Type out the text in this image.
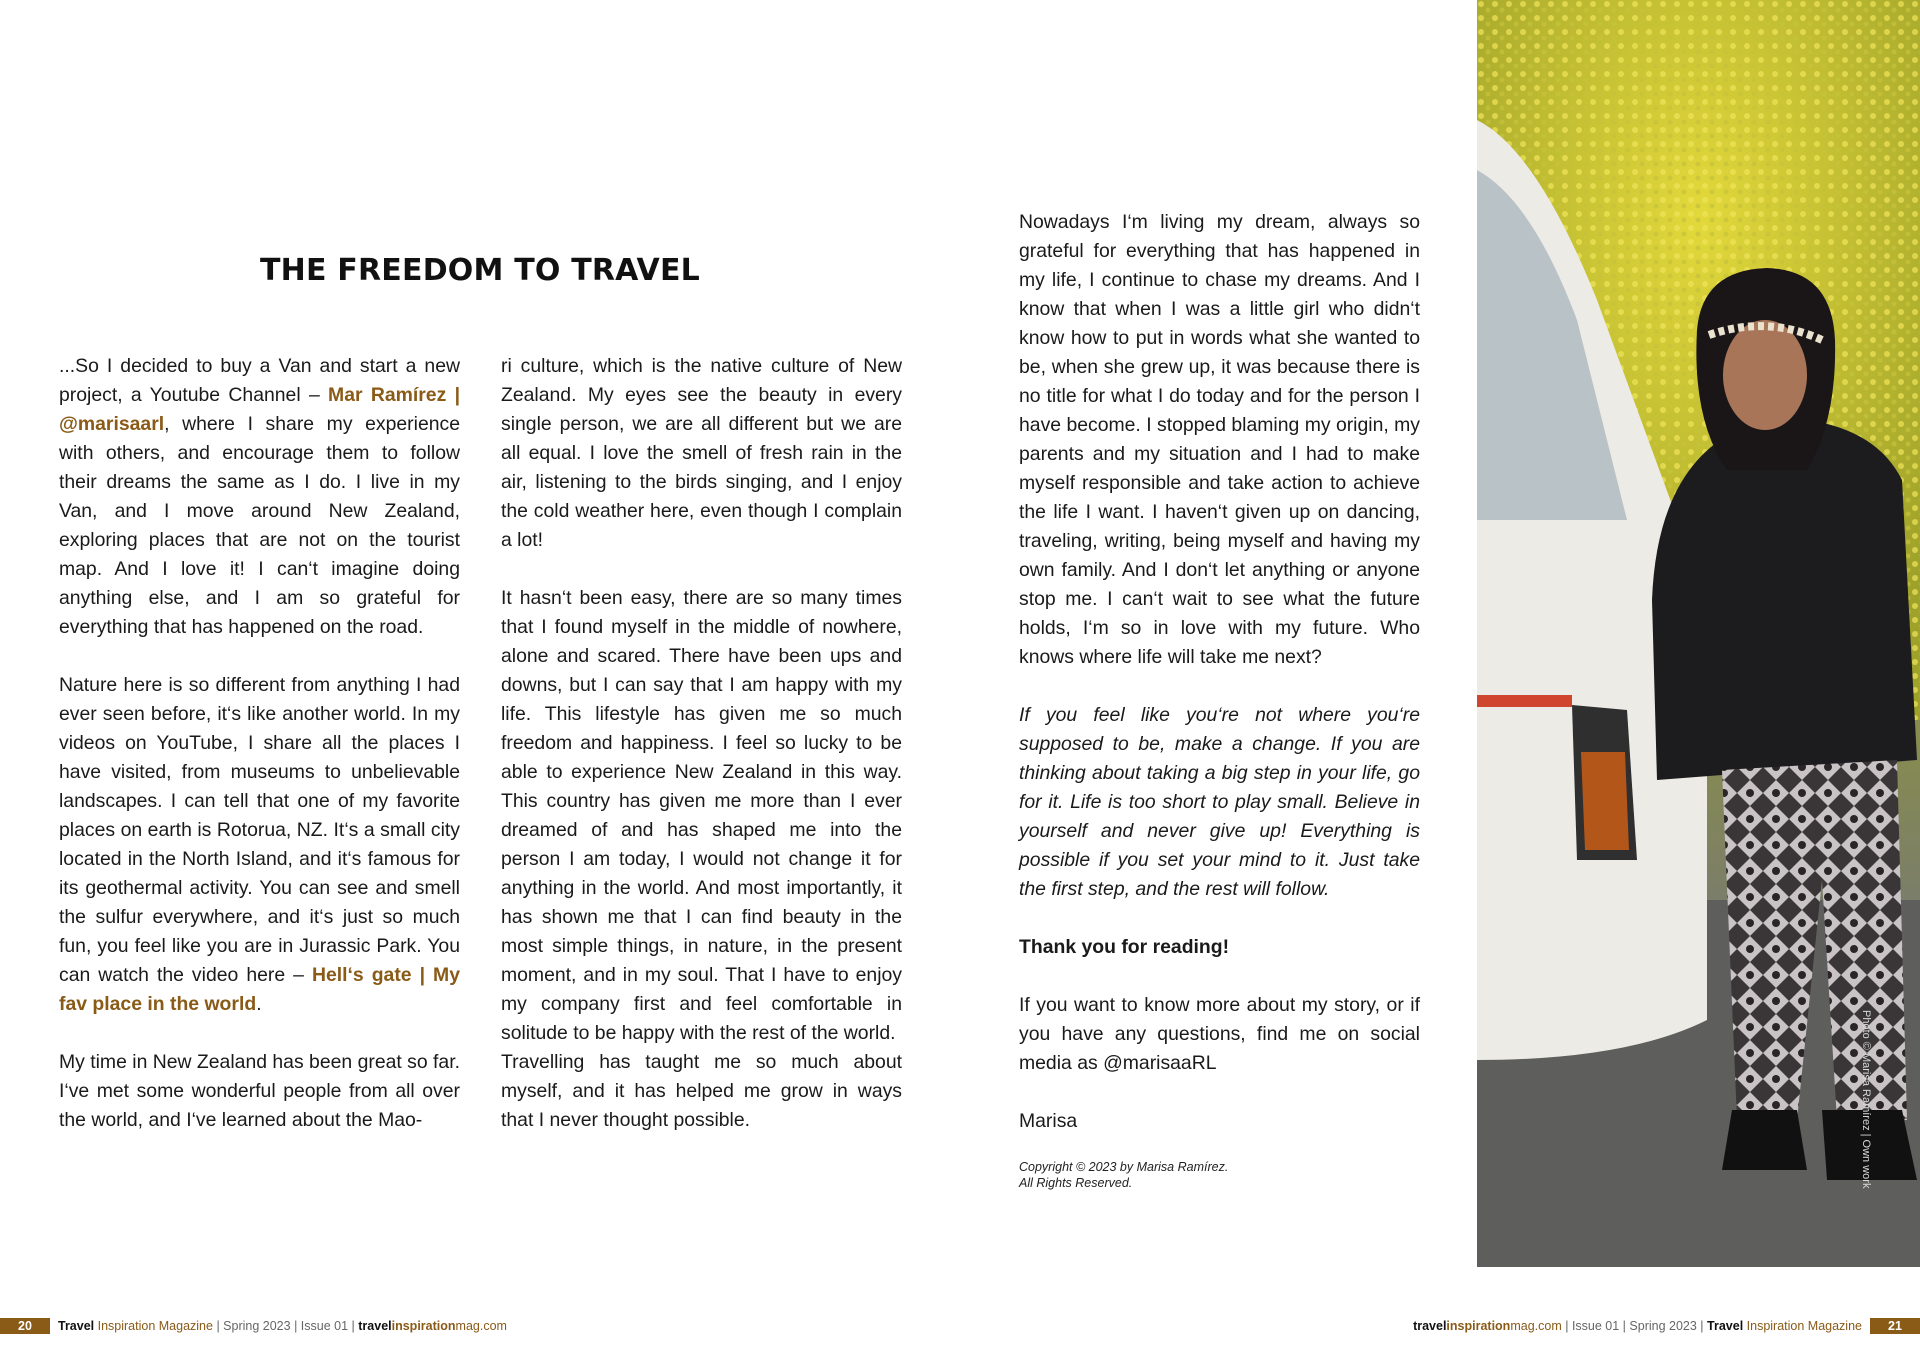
THE FREEDOM TO TRAVEL

...So I decided to buy a Van and start a new project, a Youtube Channel – Mar Ramírez | @marisaarl, where I share my experience with others, and encourage them to follow their dreams the same as I do. I live in my Van, and I move around New Zealand, exploring places that are not on the tourist map. And I love it! I can‘t imagine doing anything else, and I am so grateful for everything that has happened on the road.

Nature here is so different from anything I had ever seen before, it‘s like another world. In my videos on YouTube, I share all the places I have visited, from museums to unbelievable landscapes. I can tell that one of my favorite places on earth is Rotorua, NZ. It‘s a small city located in the North Island, and it‘s famous for its geothermal activity. You can see and smell the sulfur everywhere, and it‘s just so much fun, you feel like you are in Jurassic Park. You can watch the video here – Hell‘s gate | My fav place in the world.

My time in New Zealand has been great so far. I‘ve met some wonderful people from all over the world, and I‘ve learned about the Mao-

ri culture, which is the native culture of New Zealand. My eyes see the beauty in every single person, we are all different but we are all equal. I love the smell of fresh rain in the air, listening to the birds singing, and I enjoy the cold weather here, even though I complain a lot!

It hasn‘t been easy, there are so many times that I found myself in the middle of nowhere, alone and scared. There have been ups and downs, but I can say that I am happy with my life. This lifestyle has given me so much freedom and happiness. I feel so lucky to be able to experience New Zealand in this way. This country has given me more than I ever dreamed of and has shaped me into the person I am today, I would not change it for anything in the world. And most importantly, it has shown me that I can find beauty in the most simple things, in nature, in the present moment, and in my soul. That I have to enjoy my company first and feel comfortable in solitude to be happy with the rest of the world.

Travelling has taught me so much about myself, and it has helped me grow in ways that I never thought possible.

Nowadays I‘m living my dream, always so grateful for everything that has happened in my life, I continue to chase my dreams. And I know that when I was a little girl who didn‘t know how to put in words what she wanted to be, when she grew up, it was because there is no title for what I do today and for the person I have become. I stopped blaming my origin, my parents and my situation and I had to make myself responsible and take action to achieve the life I want. I haven‘t given up on dancing, traveling, writing, being myself and having my own family. And I don‘t let anything or anyone stop me. I can‘t wait to see what the future holds, I‘m so in love with my future. Who knows where life will take me next?

If you feel like you‘re not where you‘re supposed to be, make a change. If you are thinking about taking a big step in your life, go for it. Life is too short to play small. Believe in yourself and never give up! Everything is possible if you set your mind to it. Just take the first step, and the rest will follow.

Thank you for reading!

If you want to know more about my story, or if you have any questions, find me on social media as @marisaaRL

Marisa

Copyright © 2023 by Marisa Ramírez.
All Rights Reserved.	Photo © Marisa Ramírez | Own work
20 Travel Inspiration Magazine | Spring 2023 | Issue 01 | travelinspirationmag.com	travelinspirationmag.com | Issue 01 | Spring 2023 | Travel Inspiration Magazine 21
